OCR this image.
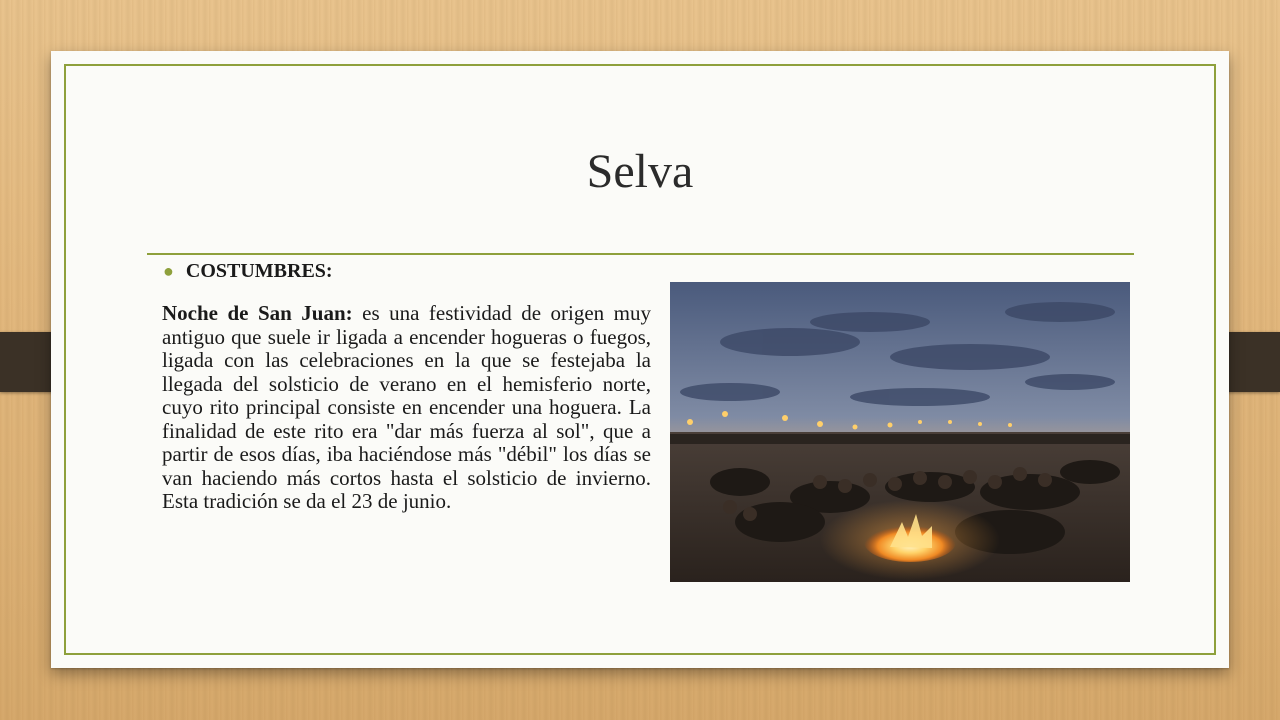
Selva
● COSTUMBRES:
Noche de San Juan: es una festividad de origen muy antiguo que suele ir ligada a encender hogueras o fuegos, ligada con las celebraciones en la que se festejaba la llegada del solsticio de verano en el hemisferio norte, cuyo rito principal consiste en encender una hoguera. La finalidad de este rito era "dar más fuerza al sol", que a partir de esos días, iba haciéndose más "débil" los días se van haciendo más cortos hasta el solsticio de invierno. Esta tradición se da el 23 de junio.
